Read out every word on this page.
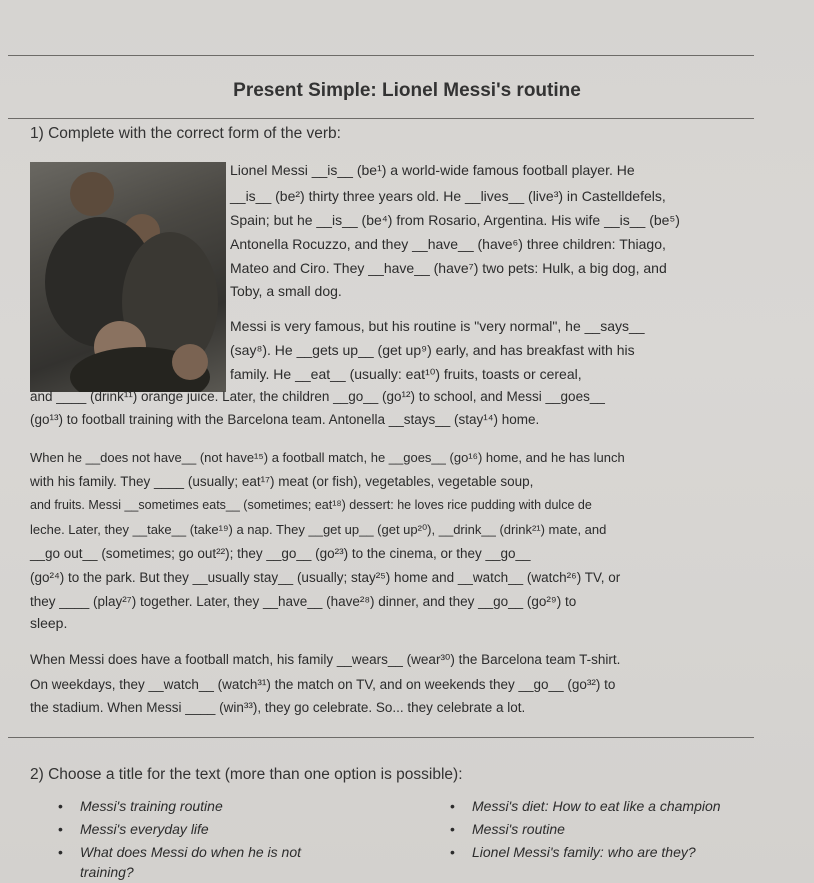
Present Simple: Lionel Messi's routine
1) Complete with the correct form of the verb:
Lionel Messi __is__ (be¹) a world-wide famous football player. He
__is__ (be²) thirty three years old. He __lives__ (live³) in Castelldefels,
Spain; but he __is__ (be⁴) from Rosario, Argentina. His wife __is__ (be⁵)
Antonella Rocuzzo, and they __have__ (have⁶) three children: Thiago,
Mateo and Ciro. They __have__ (have⁷) two pets: Hulk, a big dog, and
Toby, a small dog.
Messi is very famous, but his routine is "very normal", he __says__
(say⁸). He __gets up__ (get up⁹) early, and has breakfast with his
family. He __eat__ (usually: eat¹⁰) fruits, toasts or cereal,
and ____ (drink¹¹) orange juice. Later, the children __go__ (go¹²) to school, and Messi __goes__
(go¹³) to football training with the Barcelona team. Antonella __stays__ (stay¹⁴) home.
When he __does not have__ (not have¹⁵) a football match, he __goes__ (go¹⁶) home, and he has lunch
with his family. They ____ (usually; eat¹⁷) meat (or fish), vegetables, vegetable soup,
and fruits. Messi __sometimes eats__ (sometimes; eat¹⁸) dessert: he loves rice pudding with dulce de
leche. Later, they __take__ (take¹⁹) a nap. They __get up__ (get up²⁰), __drink__ (drink²¹) mate, and
__go out__ (sometimes; go out²²); they __go__ (go²³) to the cinema, or they __go__
(go²⁴) to the park. But they __usually stay__ (usually; stay²⁵) home and __watch__ (watch²⁶) TV, or
they ____ (play²⁷) together. Later, they __have__ (have²⁸) dinner, and they __go__ (go²⁹) to
sleep.
When Messi does have a football match, his family __wears__ (wear³⁰) the Barcelona team T-shirt.
On weekdays, they __watch__ (watch³¹) the match on TV, and on weekends they __go__ (go³²) to
the stadium. When Messi ____ (win³³), they go celebrate. So... they celebrate a lot.
2) Choose a title for the text (more than one option is possible):
• Messi's training routine	• Messi's diet: How to eat like a champion
• Messi's everyday life	• Messi's routine
• What does Messi do when he is not
training?
• Lionel Messi's family: who are they?
